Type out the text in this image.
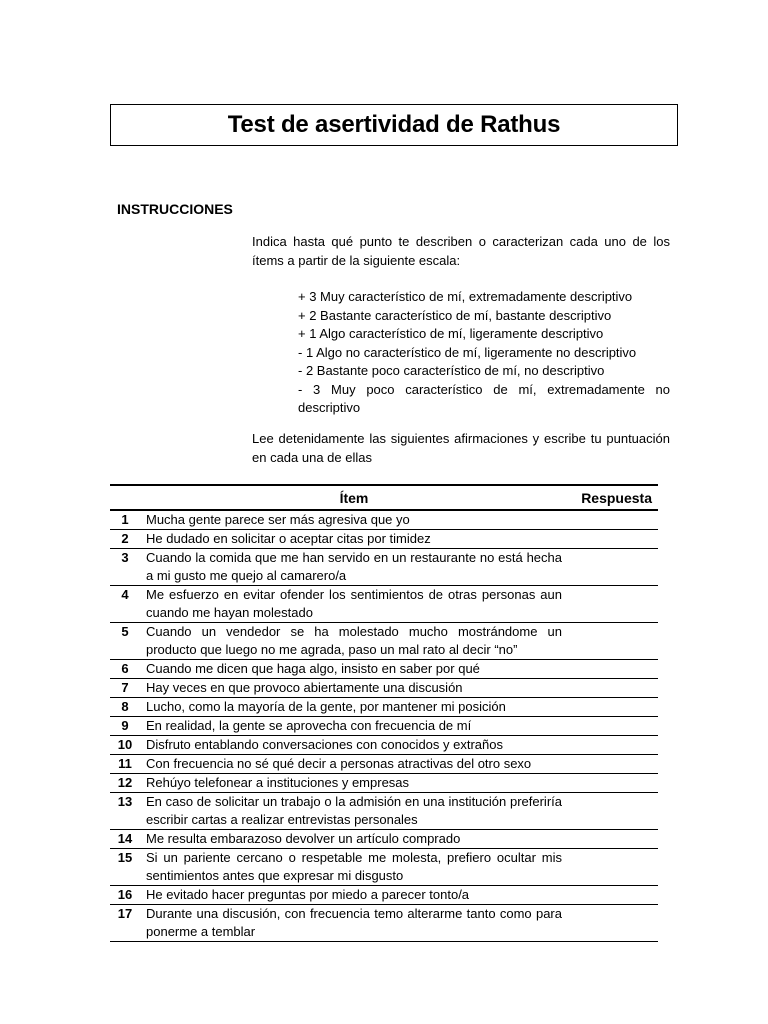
Test de asertividad de Rathus
INSTRUCCIONES

Indica hasta qué punto te describen o caracterizan cada uno de los ítems a partir de la siguiente escala:

+ 3 Muy característico de mí, extremadamente descriptivo
+ 2 Bastante característico de mí, bastante descriptivo
+ 1 Algo característico de mí, ligeramente descriptivo
- 1 Algo no característico de mí, ligeramente no descriptivo
- 2 Bastante poco característico de mí, no descriptivo
- 3 Muy poco característico de mí, extremadamente no descriptivo

Lee detenidamente las siguientes afirmaciones y escribe tu puntuación en cada una de ellas

	Ítem	Respuesta
1	Mucha gente parece ser más agresiva que yo	
2	He dudado en solicitar o aceptar citas por timidez	
3	Cuando la comida que me han servido en un restaurante no está hecha a mi gusto me quejo al camarero/a	
4	Me esfuerzo en evitar ofender los sentimientos de otras personas aun cuando me hayan molestado	
5	Cuando un vendedor se ha molestado mucho mostrándome un producto que luego no me agrada, paso un mal rato al decir “no”	
6	Cuando me dicen que haga algo, insisto en saber por qué	
7	Hay veces en que provoco abiertamente una discusión	
8	Lucho, como la mayoría de la gente, por mantener mi posición	
9	En realidad, la gente se aprovecha con frecuencia de mí	
10	Disfruto entablando conversaciones con conocidos y extraños	
11	Con frecuencia no sé qué decir a personas atractivas del otro sexo	
12	Rehúyo telefonear a instituciones y empresas	
13	En caso de solicitar un trabajo o la admisión en una institución preferiría escribir cartas a realizar entrevistas personales	
14	Me resulta embarazoso devolver un artículo comprado	
15	Si un pariente cercano o respetable me molesta, prefiero ocultar mis sentimientos antes que expresar mi disgusto	
16	He evitado hacer preguntas por miedo a parecer tonto/a	
17	Durante una discusión, con frecuencia temo alterarme tanto como para ponerme a temblar	
